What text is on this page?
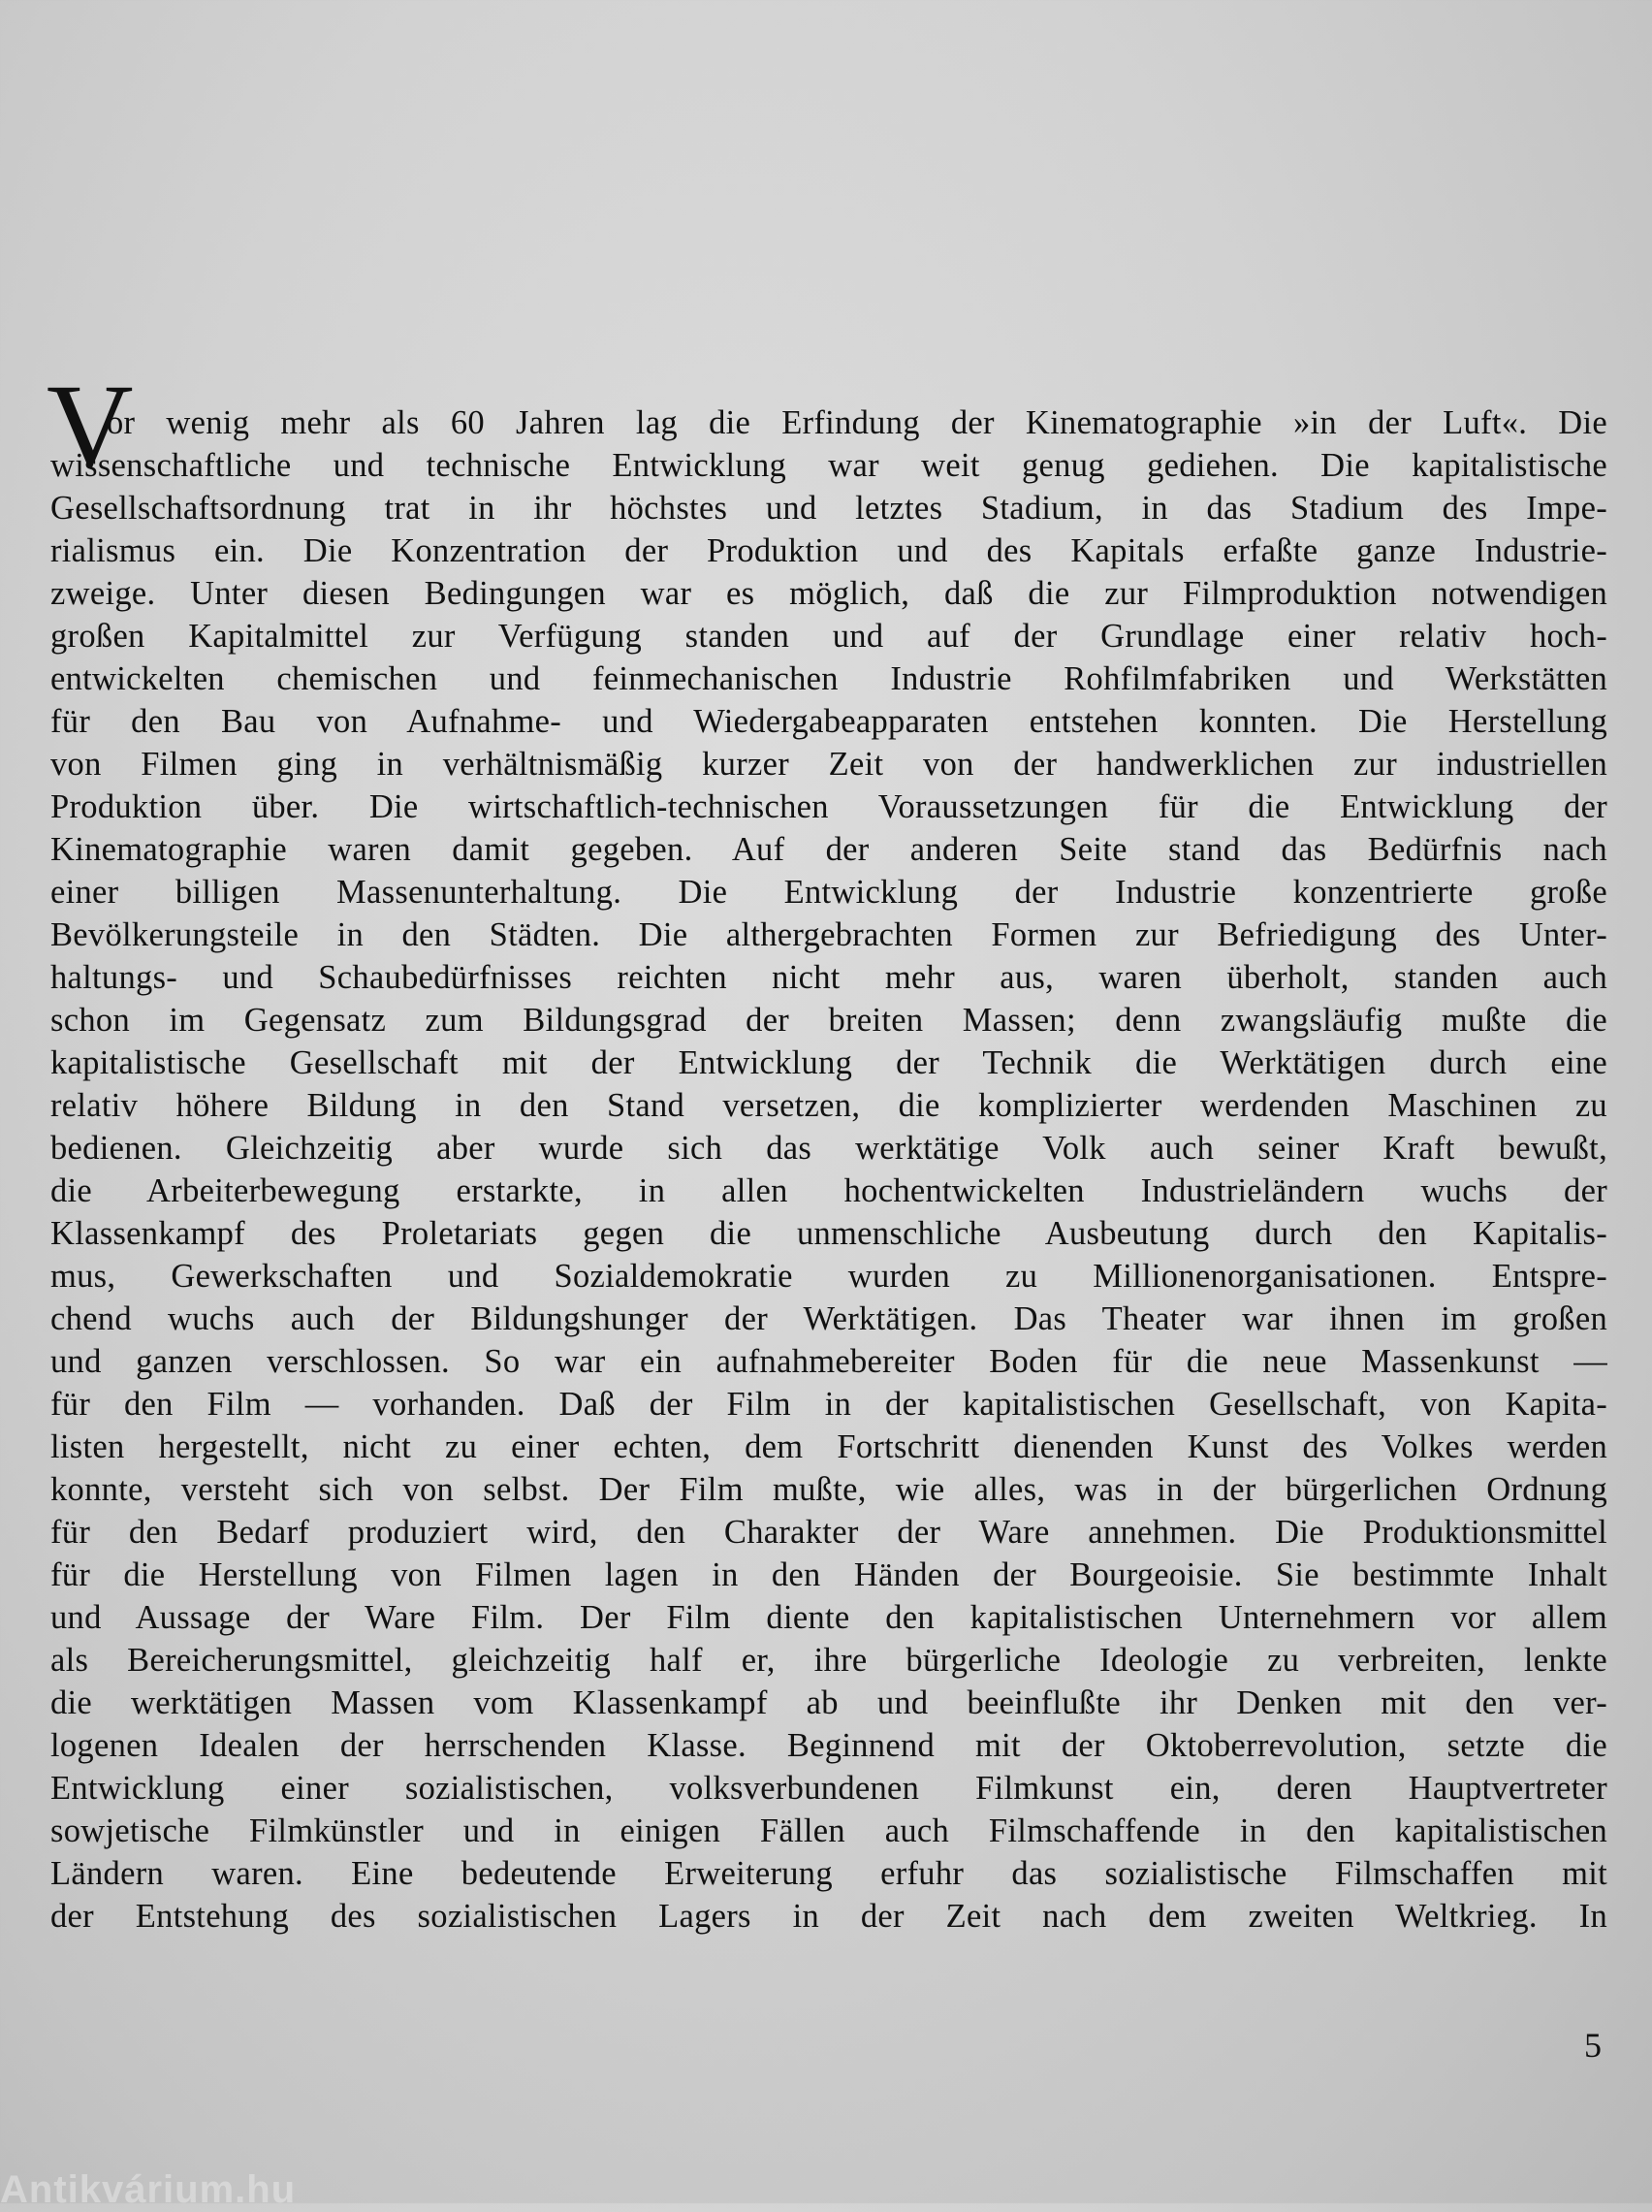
V
or wenig mehr als 60 Jahren lag die Erfindung der Kinematographie »in der Luft«. Die
wissenschaftliche und technische Entwicklung war weit genug gediehen. Die kapitalistische
Gesellschaftsordnung trat in ihr höchstes und letztes Stadium, in das Stadium des Impe-
rialismus ein. Die Konzentration der Produktion und des Kapitals erfaßte ganze Industrie-
zweige. Unter diesen Bedingungen war es möglich, daß die zur Filmproduktion notwendigen
großen Kapitalmittel zur Verfügung standen und auf der Grundlage einer relativ hoch-
entwickelten chemischen und feinmechanischen Industrie Rohfilmfabriken und Werkstätten
für den Bau von Aufnahme- und Wiedergabeapparaten entstehen konnten. Die Herstellung
von Filmen ging in verhältnismäßig kurzer Zeit von der handwerklichen zur industriellen
Produktion über. Die wirtschaftlich-technischen Voraussetzungen für die Entwicklung der
Kinematographie waren damit gegeben. Auf der anderen Seite stand das Bedürfnis nach
einer billigen Massenunterhaltung. Die Entwicklung der Industrie konzentrierte große
Bevölkerungsteile in den Städten. Die althergebrachten Formen zur Befriedigung des Unter-
haltungs- und Schaubedürfnisses reichten nicht mehr aus, waren überholt, standen auch
schon im Gegensatz zum Bildungsgrad der breiten Massen; denn zwangsläufig mußte die
kapitalistische Gesellschaft mit der Entwicklung der Technik die Werktätigen durch eine
relativ höhere Bildung in den Stand versetzen, die komplizierter werdenden Maschinen zu
bedienen. Gleichzeitig aber wurde sich das werktätige Volk auch seiner Kraft bewußt,
die Arbeiterbewegung erstarkte, in allen hochentwickelten Industrieländern wuchs der
Klassenkampf des Proletariats gegen die unmenschliche Ausbeutung durch den Kapitalis-
mus, Gewerkschaften und Sozialdemokratie wurden zu Millionenorganisationen. Entspre-
chend wuchs auch der Bildungshunger der Werktätigen. Das Theater war ihnen im großen
und ganzen verschlossen. So war ein aufnahmebereiter Boden für die neue Massenkunst —
für den Film — vorhanden. Daß der Film in der kapitalistischen Gesellschaft, von Kapita-
listen hergestellt, nicht zu einer echten, dem Fortschritt dienenden Kunst des Volkes werden
konnte, versteht sich von selbst. Der Film mußte, wie alles, was in der bürgerlichen Ordnung
für den Bedarf produziert wird, den Charakter der Ware annehmen. Die Produktionsmittel
für die Herstellung von Filmen lagen in den Händen der Bourgeoisie. Sie bestimmte Inhalt
und Aussage der Ware Film. Der Film diente den kapitalistischen Unternehmern vor allem
als Bereicherungsmittel, gleichzeitig half er, ihre bürgerliche Ideologie zu verbreiten, lenkte
die werktätigen Massen vom Klassenkampf ab und beeinflußte ihr Denken mit den ver-
logenen Idealen der herrschenden Klasse. Beginnend mit der Oktoberrevolution, setzte die
Entwicklung einer sozialistischen, volksverbundenen Filmkunst ein, deren Hauptvertreter
sowjetische Filmkünstler und in einigen Fällen auch Filmschaffende in den kapitalistischen
Ländern waren. Eine bedeutende Erweiterung erfuhr das sozialistische Filmschaffen mit
der Entstehung des sozialistischen Lagers in der Zeit nach dem zweiten Weltkrieg. In
5
Antikvárium.hu
